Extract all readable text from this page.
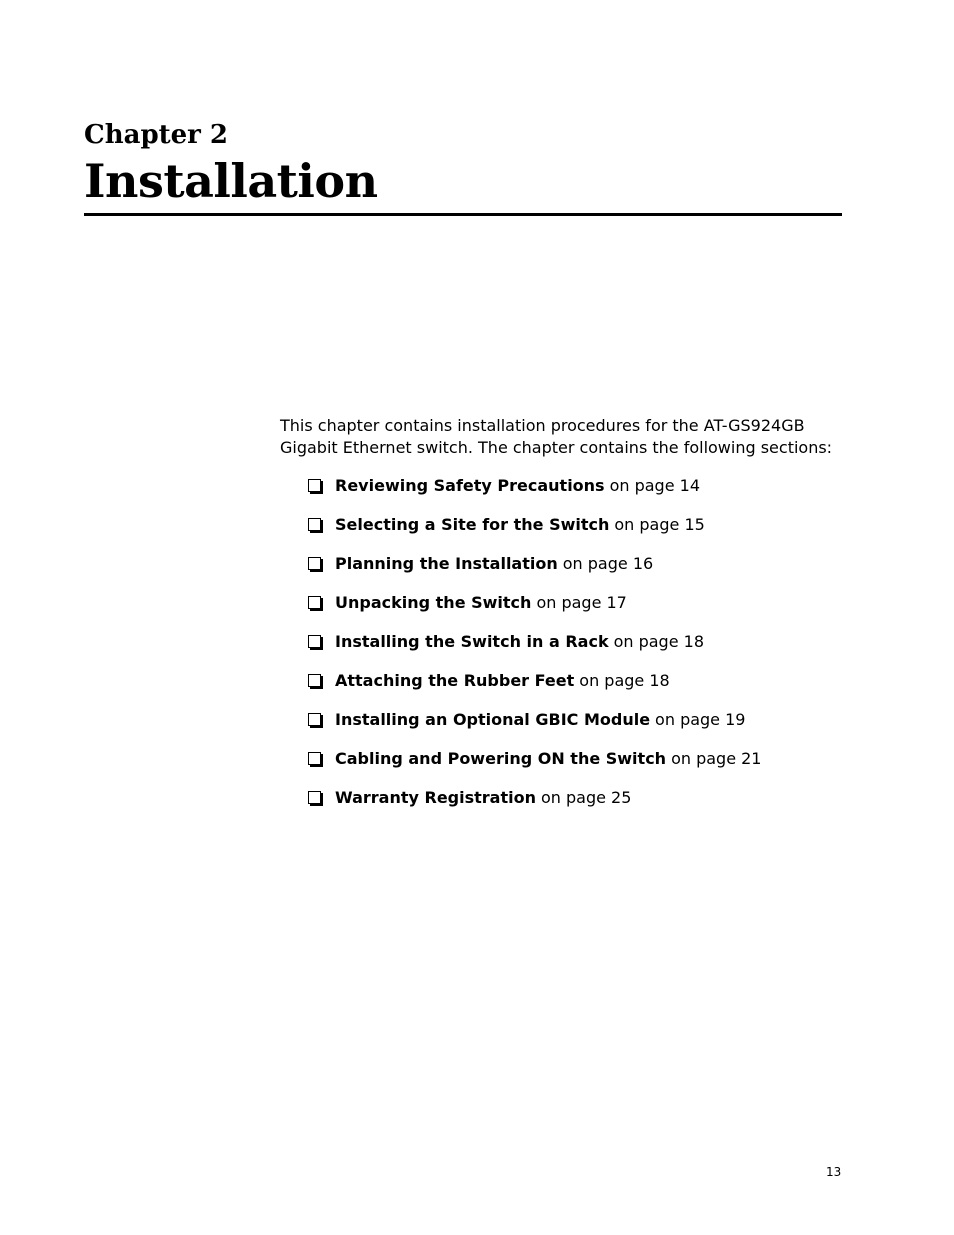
Chapter 2
Installation

This chapter contains installation procedures for the AT-GS924GB
Gigabit Ethernet switch. The chapter contains the following sections:

Reviewing Safety Precautions on page 14
Selecting a Site for the Switch on page 15
Planning the Installation on page 16
Unpacking the Switch on page 17
Installing the Switch in a Rack on page 18
Attaching the Rubber Feet on page 18
Installing an Optional GBIC Module on page 19
Cabling and Powering ON the Switch on page 21
Warranty Registration on page 25
13
